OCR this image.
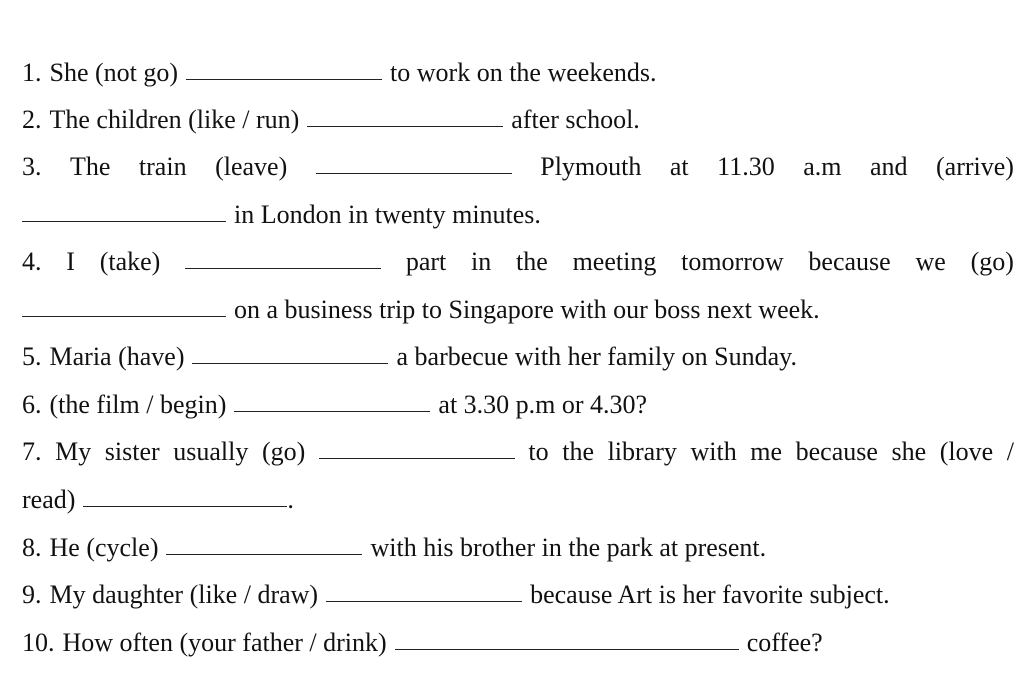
1. She (not go)	to work on the weekends.
2. The children (like / run)	after school.
3. The train (leave)	Plymouth at 11.30 a.m and (arrive)
in London in twenty minutes.
4. I (take)	part in the meeting tomorrow because we (go)
on a business trip to Singapore with our boss next week.
5. Maria (have)	a barbecue with her family on Sunday.
6. (the film / begin)	at 3.30 p.m or 4.30?
7. My sister usually (go)	to the library with me because she (love /
read)	.
8. He (cycle)	with his brother in the park at present.
9. My daughter (like / draw)	because Art is her favorite subject.
10. How often (your father / drink)	coffee?
